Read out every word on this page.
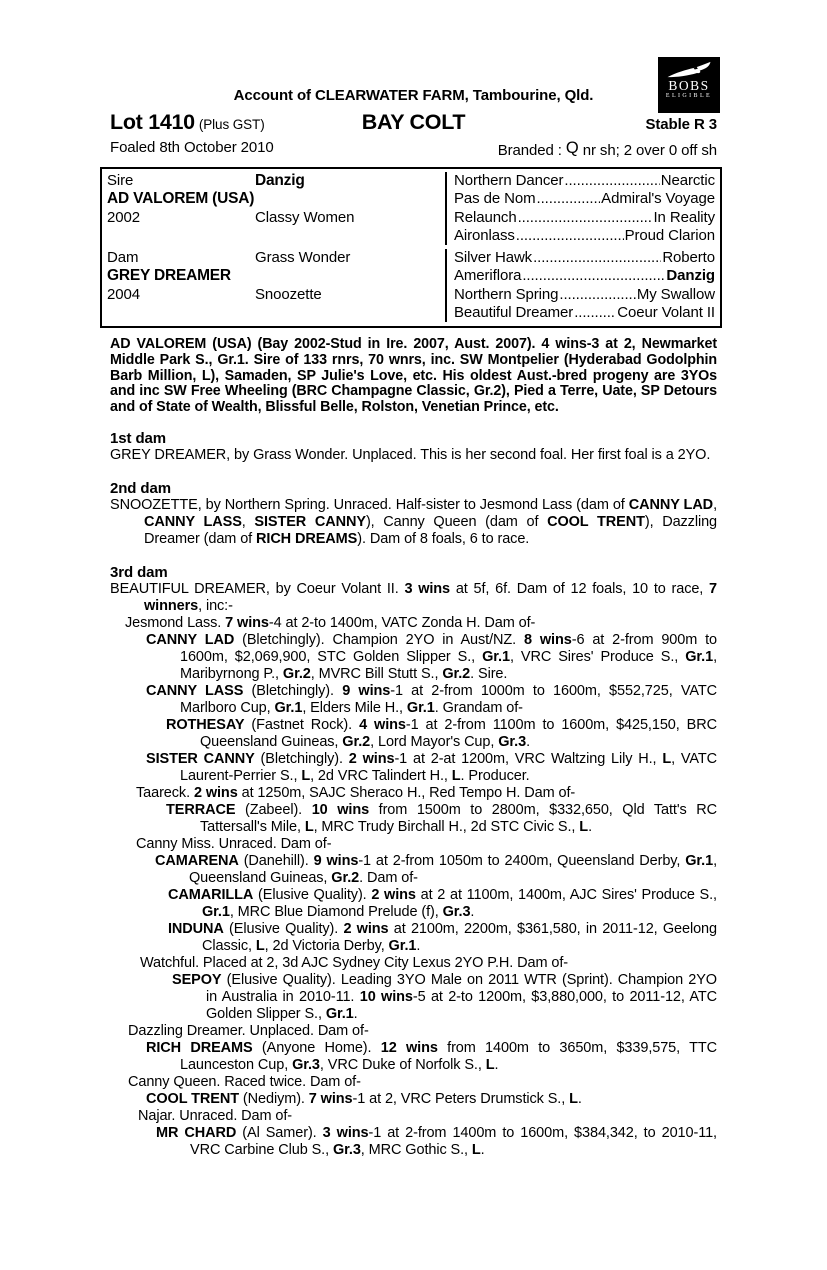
BOBS
ELIGIBLE
Account of CLEARWATER FARM, Tambourine, Qld.
Lot 1410 (Plus GST)	BAY COLT	Stable R 3
Foaled 8th October 2010	Branded : Q nr sh; 2 over 0 off sh
Sire	Danzig	Northern Dancer .....	Nearctic
AD VALOREM (USA)	Pas de Nom .....	Admiral's Voyage
2002	Classy Women	Relaunch .....	In Reality
Aironlass .....	Proud Clarion
Dam	Grass Wonder	Silver Hawk .....	Roberto
GREY DREAMER	Ameriflora .....	Danzig
2004	Snoozette	Northern Spring .....	My Swallow
Beautiful Dreamer .....	Coeur Volant II

AD VALOREM (USA) (Bay 2002-Stud in Ire. 2007, Aust. 2007). 4 wins-3 at 2, Newmarket Middle Park S., Gr.1. Sire of 133 rnrs, 70 wnrs, inc. SW Montpelier (Hyderabad Godolphin Barb Million, L), Samaden, SP Julie's Love, etc. His oldest Aust.-bred progeny are 3YOs and inc SW Free Wheeling (BRC Champagne Classic, Gr.2), Pied a Terre, Uate, SP Detours and of State of Wealth, Blissful Belle, Rolston, Venetian Prince, etc.

1st dam

GREY DREAMER, by Grass Wonder. Unplaced. This is her second foal. Her first foal is a 2YO.

2nd dam

SNOOZETTE, by Northern Spring. Unraced. Half-sister to Jesmond Lass (dam of CANNY LAD, CANNY LASS, SISTER CANNY), Canny Queen (dam of COOL TRENT), Dazzling Dreamer (dam of RICH DREAMS). Dam of 8 foals, 6 to race.

3rd dam

BEAUTIFUL DREAMER, by Coeur Volant II. 3 wins at 5f, 6f. Dam of 12 foals, 10 to race, 7 winners, inc:-

Jesmond Lass. 7 wins-4 at 2-to 1400m, VATC Zonda H. Dam of-

CANNY LAD (Bletchingly). Champion 2YO in Aust/NZ. 8 wins-6 at 2-from 900m to 1600m, $2,069,900, STC Golden Slipper S., Gr.1, VRC Sires' Produce S., Gr.1, Maribyrnong P., Gr.2, MVRC Bill Stutt S., Gr.2. Sire.

CANNY LASS (Bletchingly). 9 wins-1 at 2-from 1000m to 1600m, $552,725, VATC Marlboro Cup, Gr.1, Elders Mile H., Gr.1. Grandam of-

ROTHESAY (Fastnet Rock). 4 wins-1 at 2-from 1100m to 1600m, $425,150, BRC Queensland Guineas, Gr.2, Lord Mayor's Cup, Gr.3.

SISTER CANNY (Bletchingly). 2 wins-1 at 2-at 1200m, VRC Waltzing Lily H., L, VATC Laurent-Perrier S., L, 2d VRC Talindert H., L. Producer.

Taareck. 2 wins at 1250m, SAJC Sheraco H., Red Tempo H. Dam of-

TERRACE (Zabeel). 10 wins from 1500m to 2800m, $332,650, Qld Tatt's RC Tattersall's Mile, L, MRC Trudy Birchall H., 2d STC Civic S., L.

Canny Miss. Unraced. Dam of-

CAMARENA (Danehill). 9 wins-1 at 2-from 1050m to 2400m, Queensland Derby, Gr.1, Queensland Guineas, Gr.2. Dam of-

CAMARILLA (Elusive Quality). 2 wins at 2 at 1100m, 1400m, AJC Sires' Produce S., Gr.1, MRC Blue Diamond Prelude (f), Gr.3.

INDUNA (Elusive Quality). 2 wins at 2100m, 2200m, $361,580, in 2011-12, Geelong Classic, L, 2d Victoria Derby, Gr.1.

Watchful. Placed at 2, 3d AJC Sydney City Lexus 2YO P.H. Dam of-

SEPOY (Elusive Quality). Leading 3YO Male on 2011 WTR (Sprint). Champion 2YO in Australia in 2010-11. 10 wins-5 at 2-to 1200m, $3,880,000, to 2011-12, ATC Golden Slipper S., Gr.1.

Dazzling Dreamer. Unplaced. Dam of-

RICH DREAMS (Anyone Home). 12 wins from 1400m to 3650m, $339,575, TTC Launceston Cup, Gr.3, VRC Duke of Norfolk S., L.

Canny Queen. Raced twice. Dam of-

COOL TRENT (Nediym). 7 wins-1 at 2, VRC Peters Drumstick S., L.

Najar. Unraced. Dam of-

MR CHARD (Al Samer). 3 wins-1 at 2-from 1400m to 1600m, $384,342, to 2010-11, VRC Carbine Club S., Gr.3, MRC Gothic S., L.
